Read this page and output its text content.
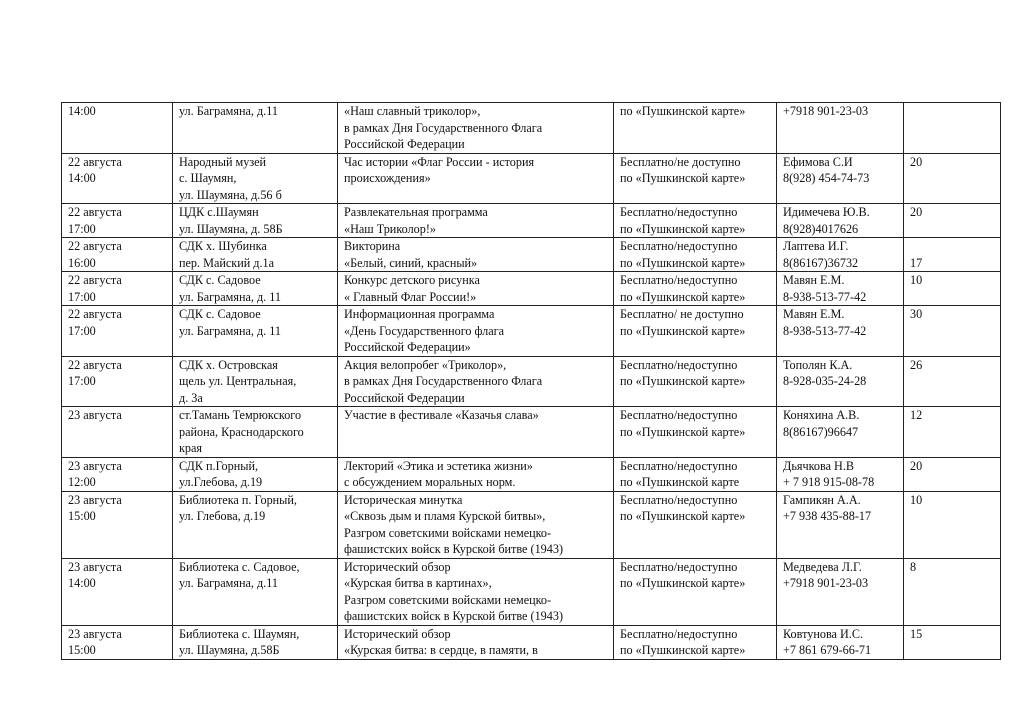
14:00	ул. Баграмяна, д.11	«Наш славный триколор»,
в рамках Дня Государственного Флага
Российской Федерации	по «Пушкинской карте»	+7918 901-23-03	

22 августа
14:00	Народный музей
с. Шаумян,
ул. Шаумяна, д.56 б	Час истории «Флаг России - история
происхождения»	Бесплатно/не доступно
по «Пушкинской карте»	Ефимова С.И
8(928) 454-74-73	20

22 августа
17:00	ЦДК с.Шаумян
ул. Шаумяна, д. 58Б	Развлекательная программа
«Наш Триколор!»	Бесплатно/недоступно
по «Пушкинской карте»	Идимечева Ю.В.
8(928)4017626	20

22 августа
16:00	СДК х. Шубинка
пер. Майский д.1а	Викторина
«Белый, синий, красный»	Бесплатно/недоступно
по «Пушкинской карте»	Лаптева И.Г.
8(86167)36732	17

22 августа
17:00	СДК с. Садовое
ул. Баграмяна, д. 11	Конкурс детского рисунка
« Главный Флаг России!»	Бесплатно/недоступно
по «Пушкинской карте»	Мавян Е.М.
8-938-513-77-42	10

22 августа
17:00	СДК с. Садовое
ул. Баграмяна, д. 11	Информационная программа
«День Государственного флага
Российской Федерации»	Бесплатно/ не доступно
по «Пушкинской карте»	Мавян Е.М.
8-938-513-77-42	30

22 августа
17:00	СДК х. Островская
щель ул. Центральная,
д. 3а	Акция велопробег «Триколор»,
в рамках Дня Государственного Флага
Российской Федерации	Бесплатно/недоступно
по «Пушкинской карте»	Тополян К.А.
8-928-035-24-28	26

23 августа	ст.Тамань Темрюкского
района, Краснодарского
края	Участие в фестивале «Казачья слава»	Бесплатно/недоступно
по «Пушкинской карте»	Коняхина А.В.
8(86167)96647	12

23 августа
12:00	СДК п.Горный,
ул.Глебова, д.19	Лекторий «Этика и эстетика жизни»
с обсуждением моральных норм.	Бесплатно/недоступно
по «Пушкинской карте	Дьячкова Н.В
+ 7 918 915-08-78	20

23 августа
15:00	Библиотека п. Горный,
ул. Глебова, д.19	Историческая минутка
«Сквозь дым и пламя Курской битвы»,
Разгром советскими войсками немецко-
фашистских войск в Курской битве (1943)	Бесплатно/недоступно
по «Пушкинской карте»	Гампикян А.А.
+7 938 435-88-17	10

23 августа
14:00	Библиотека с. Садовое,
ул. Баграмяна, д.11	Исторический обзор
«Курская битва в картинах»,
Разгром советскими войсками немецко-
фашистских войск в Курской битве (1943)	Бесплатно/недоступно
по «Пушкинской карте»	Медведева Л.Г.
+7918 901-23-03	8

23 августа
15:00	Библиотека с. Шаумян,
ул. Шаумяна, д.58Б	Исторический обзор
«Курская битва: в сердце, в памяти, в	Бесплатно/недоступно
по «Пушкинской карте»	Ковтунова И.С.
+7 861 679-66-71	15
